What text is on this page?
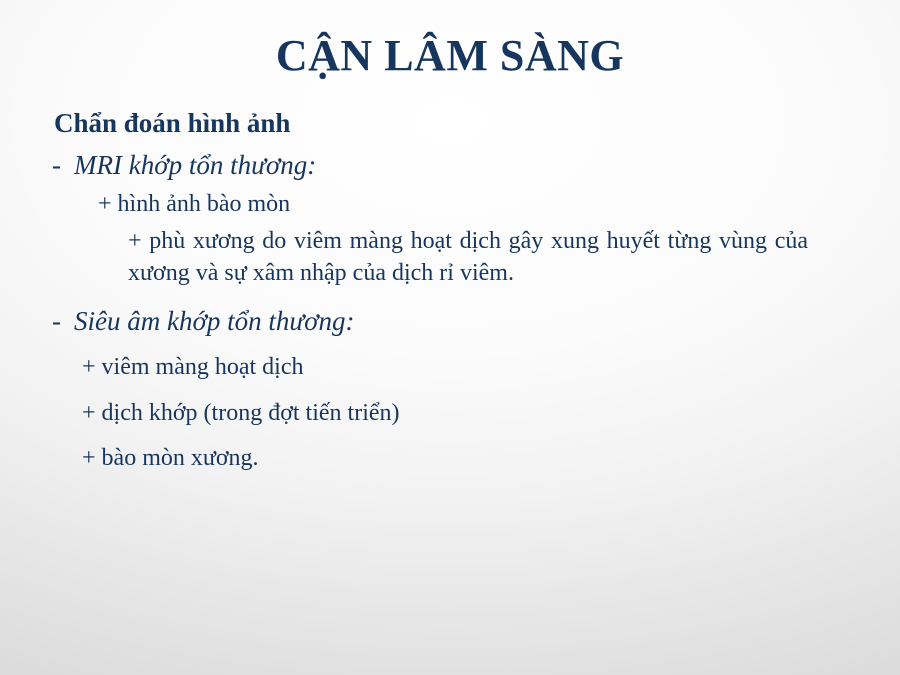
CẬN LÂM SÀNG
Chẩn đoán hình ảnh
- MRI khớp tổn thương:
+ hình ảnh bào mòn
+ phù xương do viêm màng hoạt dịch gây xung huyết từng vùng của xương và sự xâm nhập của dịch rỉ viêm.
- Siêu âm khớp tổn thương:
+ viêm màng hoạt dịch
+ dịch khớp (trong đợt tiến triển)
+ bào mòn xương.
